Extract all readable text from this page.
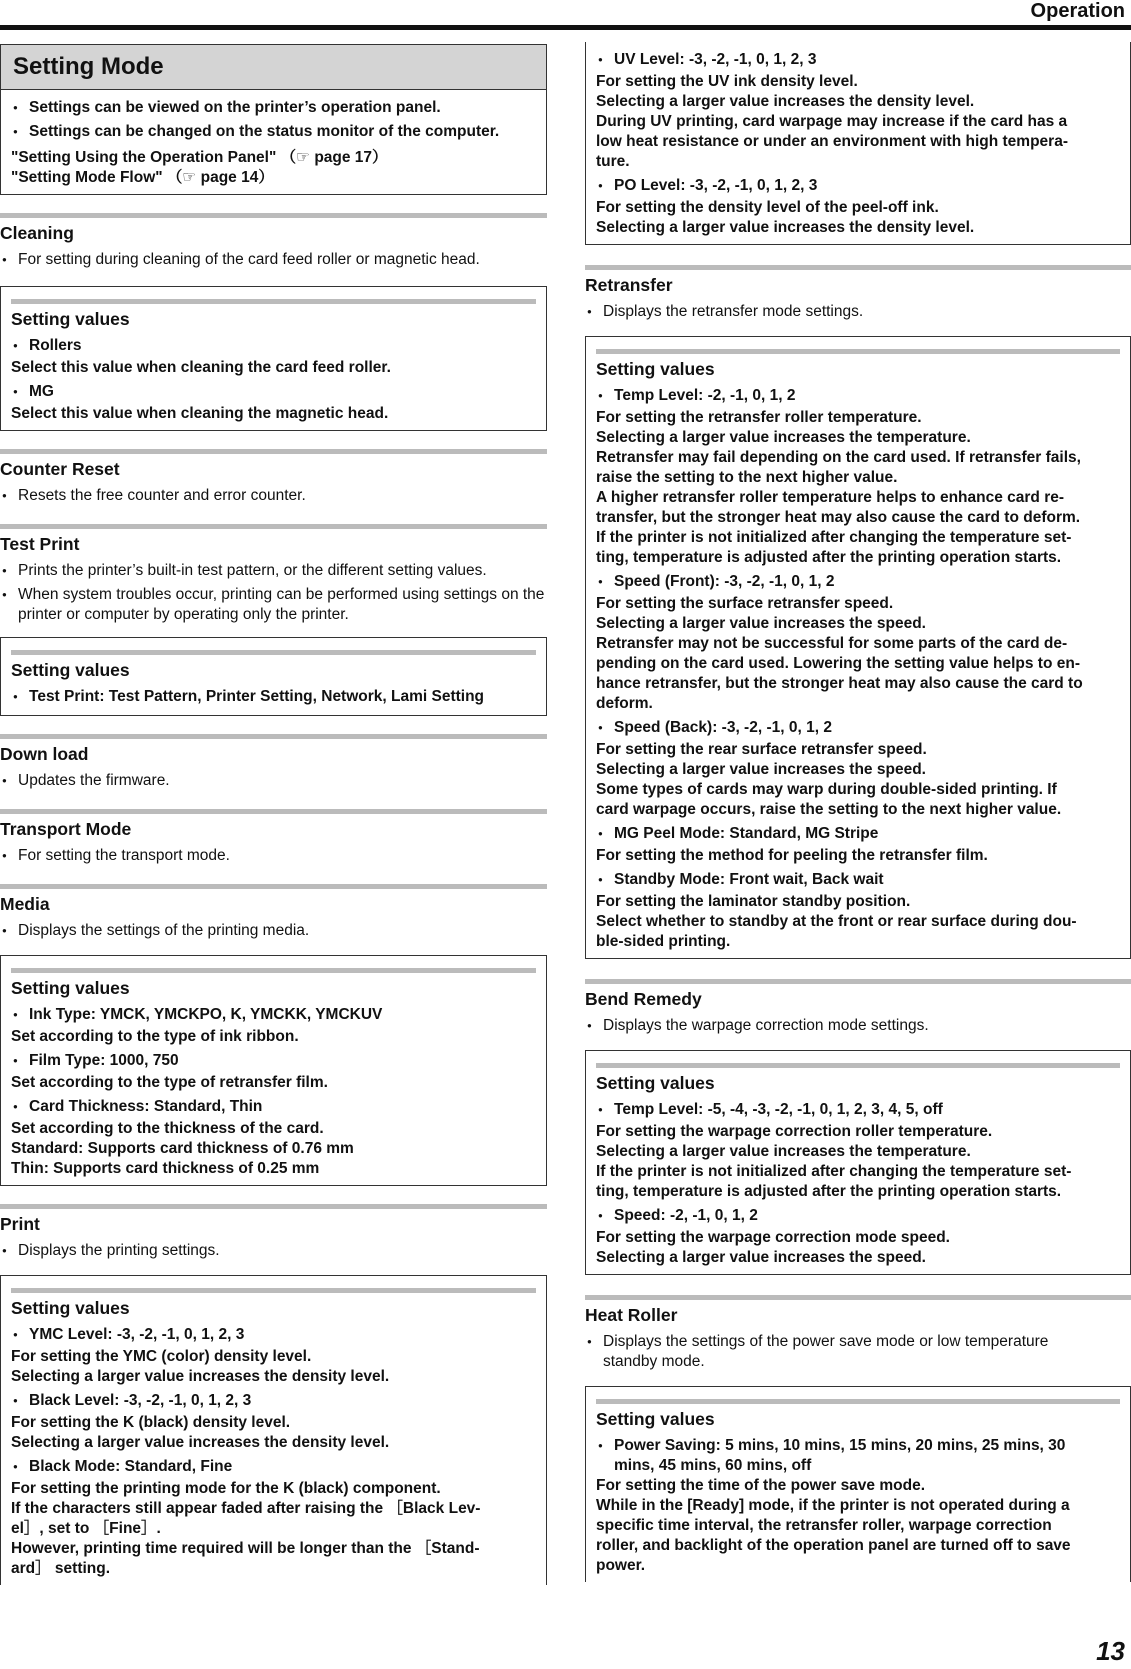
Operation
Setting Mode
● Settings can be viewed on the printer’s operation panel.
● Settings can be changed on the status monitor of the computer.
"Setting Using the Operation Panel" （☞ page 17）
"Setting Mode Flow" （☞ page 14）
Cleaning
● For setting during cleaning of the card feed roller or magnetic head.
Setting values
● Rollers
Select this value when cleaning the card feed roller.
● MG
Select this value when cleaning the magnetic head.
Counter Reset
● Resets the free counter and error counter.
Test Print
● Prints the printer’s built-in test pattern, or the different setting values.
● When system troubles occur, printing can be performed using settings on the printer or computer by operating only the printer.
Setting values
● Test Print: Test Pattern, Printer Setting, Network, Lami Setting
Down load
● Updates the firmware.
Transport Mode
● For setting the transport mode.
Media
● Displays the settings of the printing media.
Setting values
● Ink Type: YMCK, YMCKPO, K, YMCKK, YMCKUV
Set according to the type of ink ribbon.
● Film Type: 1000, 750
Set according to the type of retransfer film.
● Card Thickness: Standard, Thin
Set according to the thickness of the card.
Standard: Supports card thickness of 0.76 mm
Thin: Supports card thickness of 0.25 mm
Print
● Displays the printing settings.
Setting values
● YMC Level: -3, -2, -1, 0, 1, 2, 3
For setting the YMC (color) density level.
Selecting a larger value increases the density level.
● Black Level: -3, -2, -1, 0, 1, 2, 3
For setting the K (black) density level.
Selecting a larger value increases the density level.
● Black Mode: Standard, Fine
For setting the printing mode for the K (black) component.
If the characters still appear faded after raising the ［Black Lev-
el］, set to ［Fine］.
However, printing time required will be longer than the ［Stand-
ard］ setting.
● UV Level: -3, -2, -1, 0, 1, 2, 3
For setting the UV ink density level.
Selecting a larger value increases the density level.
During UV printing, card warpage may increase if the card has a
low heat resistance or under an environment with high tempera-
ture.
● PO Level: -3, -2, -1, 0, 1, 2, 3
For setting the density level of the peel-off ink.
Selecting a larger value increases the density level.
Retransfer
● Displays the retransfer mode settings.
Setting values
● Temp Level: -2, -1, 0, 1, 2
For setting the retransfer roller temperature.
Selecting a larger value increases the temperature.
Retransfer may fail depending on the card used. If retransfer fails,
raise the setting to the next higher value.
A higher retransfer roller temperature helps to enhance card re-
transfer, but the stronger heat may also cause the card to deform.
If the printer is not initialized after changing the temperature set-
ting, temperature is adjusted after the printing operation starts.
● Speed (Front): -3, -2, -1, 0, 1, 2
For setting the surface retransfer speed.
Selecting a larger value increases the speed.
Retransfer may not be successful for some parts of the card de-
pending on the card used. Lowering the setting value helps to en-
hance retransfer, but the stronger heat may also cause the card to
deform.
● Speed (Back): -3, -2, -1, 0, 1, 2
For setting the rear surface retransfer speed.
Selecting a larger value increases the speed.
Some types of cards may warp during double-sided printing. If
card warpage occurs, raise the setting to the next higher value.
● MG Peel Mode: Standard, MG Stripe
For setting the method for peeling the retransfer film.
● Standby Mode: Front wait, Back wait
For setting the laminator standby position.
Select whether to standby at the front or rear surface during dou-
ble-sided printing.
Bend Remedy
● Displays the warpage correction mode settings.
Setting values
● Temp Level: -5, -4, -3, -2, -1, 0, 1, 2, 3, 4, 5, off
For setting the warpage correction roller temperature.
Selecting a larger value increases the temperature.
If the printer is not initialized after changing the temperature set-
ting, temperature is adjusted after the printing operation starts.
● Speed: -2, -1, 0, 1, 2
For setting the warpage correction mode speed.
Selecting a larger value increases the speed.
Heat Roller
● Displays the settings of the power save mode or low temperature
standby mode.
Setting values
● Power Saving: 5 mins, 10 mins, 15 mins, 20 mins, 25 mins, 30
mins, 45 mins, 60 mins, off
For setting the time of the power save mode.
While in the [Ready] mode, if the printer is not operated during a
specific time interval, the retransfer roller, warpage correction
roller, and backlight of the operation panel are turned off to save
power.
13
